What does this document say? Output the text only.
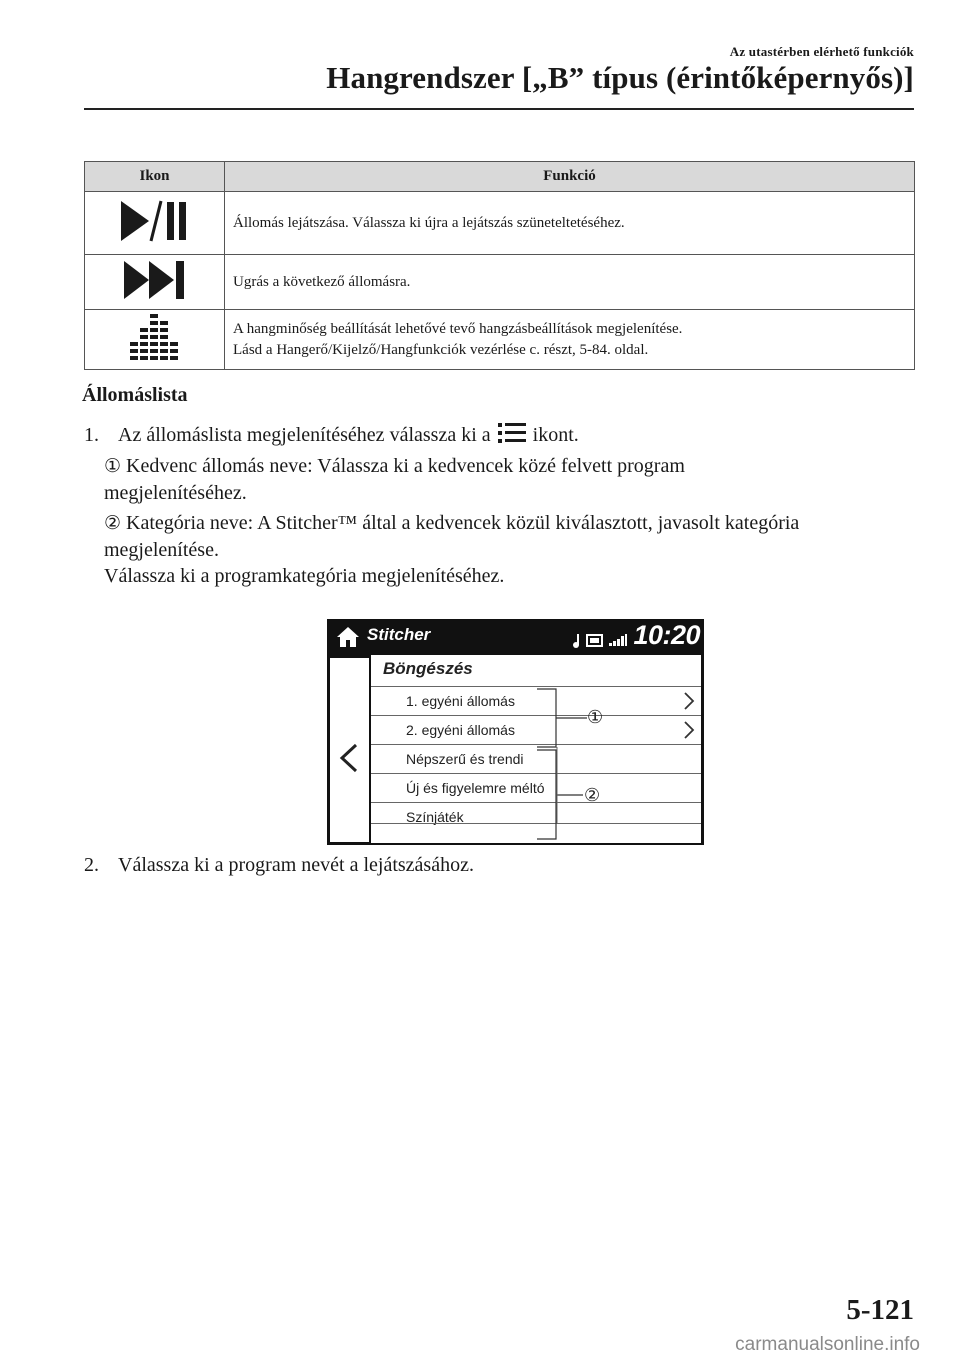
Az utastérben elérhető funkciók
Hangrendszer [„B” típus (érintőképernyős)]
Ikon	Funkció

Állomás lejátszása. Válassza ki újra a lejátszás szüneteltetéséhez.

Ugrás a következő állomásra.

A hangminőség beállítását lehetővé tevő hangzásbeállítások megjelenítése.
Lásd a Hangerő/Kijelző/Hangfunkciók vezérlése c. részt, 5-84. oldal.
Állomáslista
1. Az állomáslista megjelenítéséhez válassza ki a ikont.
① Kedvenc állomás neve: Válassza ki a kedvencek közé felvett program
megjelenítéséhez.
② Kategória neve: A Stitcher™ által a kedvencek közül kiválasztott, javasolt kategória
megjelenítése.
Válassza ki a programkategória megjelenítéséhez.
Stitcher	10:20
Böngészés
1. egyéni állomás
2. egyéni állomás
Népszerű és trendi
Új és figyelemre méltó
Színjáték
①
②
2. Válassza ki a program nevét a lejátszásához.
5-121
carmanualsonline.info
